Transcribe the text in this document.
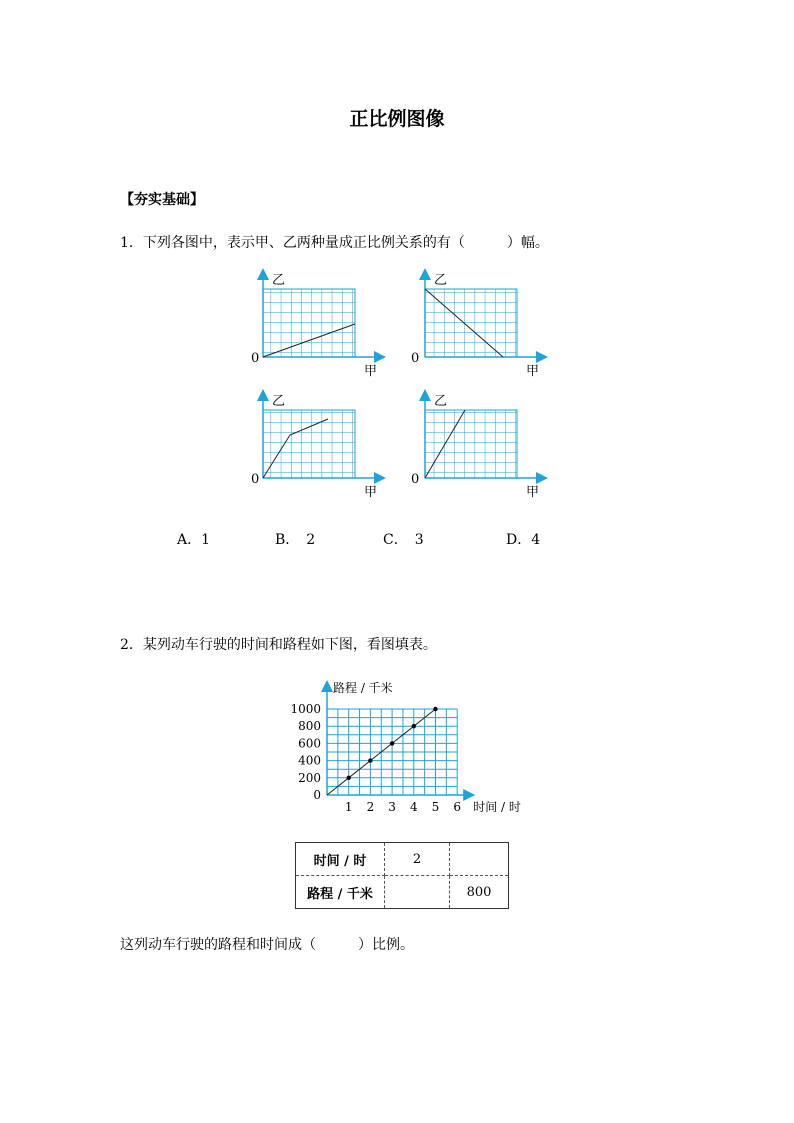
正比例图像
【夯实基础】
1．下列各图中，表示甲、乙两种量成正比例关系的有（　　　）幅。
乙
甲
0
乙
甲
0
乙
甲
0
乙
甲
0
A．1	B．　2	C．　3	D．4
2．某列动车行驶的时间和路程如下图，看图填表。
路程 / 千米
时间 / 时
1 2 3 4 5 6
0
200
400
600
800
1000
时间 / 时	2	
路程 / 千米		800
这列动车行驶的路程和时间成（　　　）比例。
